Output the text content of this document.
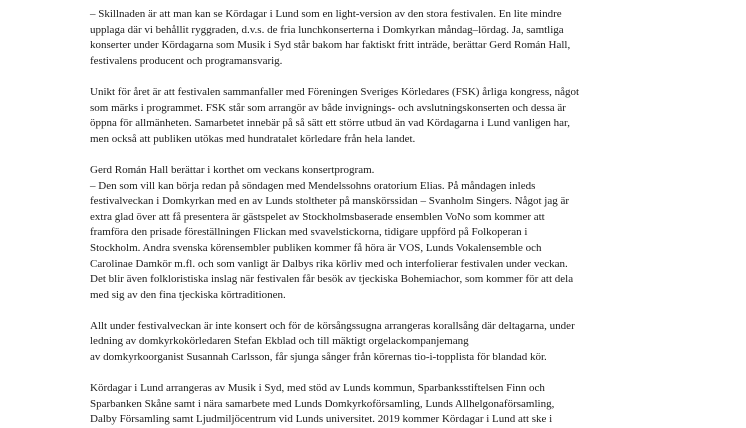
– Skillnaden är att man kan se Kördagar i Lund som en light-version av den stora festivalen. En lite mindre
upplaga där vi behållit ryggraden, d.v.s. de fria lunchkonserterna i Domkyrkan måndag–lördag. Ja, samtliga
konserter under Kördagarna som Musik i Syd står bakom har faktiskt fritt inträde, berättar Gerd Román Hall,
festivalens producent och programansvarig.

Unikt för året är att festivalen sammanfaller med Föreningen Sveriges Körledares (FSK) årliga kongress, något
som märks i programmet. FSK står som arrangör av både invignings- och avslutningskonserten och dessa är
öppna för allmänheten. Samarbetet innebär på så sätt ett större utbud än vad Kördagarna i Lund vanligen har,
men också att publiken utökas med hundratalet körledare från hela landet.

Gerd Román Hall berättar i korthet om veckans konsertprogram.
– Den som vill kan börja redan på söndagen med Mendelssohns oratorium Elias. På måndagen inleds
festivalveckan i Domkyrkan med en av Lunds stoltheter på manskörssidan – Svanholm Singers. Något jag är
extra glad över att få presentera är gästspelet av Stockholmsbaserade ensemblen VoNo som kommer att
framföra den prisade föreställningen Flickan med svavelstickorna, tidigare uppförd på Folkoperan i
Stockholm. Andra svenska körensembler publiken kommer få höra är VOS, Lunds Vokalensemble och
Carolinae Damkör m.fl. och som vanligt är Dalbys rika körliv med och interfolierar festivalen under veckan.
Det blir även folkloristiska inslag när festivalen får besök av tjeckiska Bohemiachor, som kommer för att dela
med sig av den fina tjeckiska körtraditionen.

Allt under festivalveckan är inte konsert och för de körsångssugna arrangeras korallsång där deltagarna, under
ledning av domkyrkokörledaren Stefan Ekblad och till mäktigt orgelackompanjemang
av domkyrkoorganist Susannah Carlsson, får sjunga sånger från körernas tio-i-topplista för blandad kör.

Kördagar i Lund arrangeras av Musik i Syd, med stöd av Lunds kommun, Sparbanksstiftelsen Finn och
Sparbanken Skåne samt i nära samarbete med Lunds Domkyrkoförsamling, Lunds Allhelgonaförsamling,
Dalby Församling samt Ljudmiljöcentrum vid Lunds universitet. 2019 kommer Kördagar i Lund att ske i
